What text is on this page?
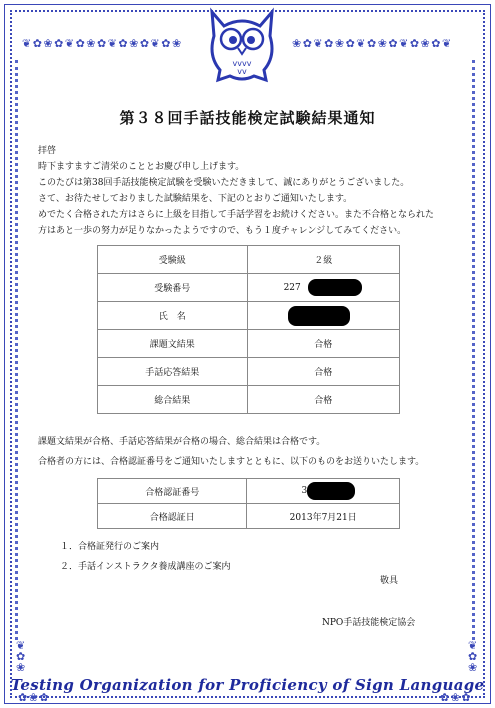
❦ ✿ ❀ ✿ ❦ ✿ ❀ ✿ ❦ ✿ ❀ ✿ ❦ ✿ ❀	❀ ✿ ❦ ✿ ❀ ✿ ❦ ✿ ❀ ✿ ❦ ✿ ❀ ✿ ❦
✿ ❀ ✿	✿ ❀ ✿
❦
✿
❀
❦
✿
❀
vvvv
vv
第３８回手話技能検定試験結果通知

拝啓

時下ますますご清栄のこととお慶び申し上げます。

このたびは第38回手話技能検定試験を受験いただきまして、誠にありがとうございました。

さて、お待たせしておりました試験結果を、下記のとおりご通知いたします。

めでたく合格された方はさらに上級を目指して手話学習をお続けください。また不合格となられた

方はあと一歩の努力が足りなかったようですので、もう１度チャレンジしてみてください。

受験級	２級
受験番号	227

氏　名	

課題文結果	合格
手話応答結果	合格
総合結果	合格
課題文結果が合格、手話応答結果が合格の場合、総合結果は合格です。
合格者の方には、合格認証番号をご通知いたしますとともに、以下のものをお送りいたします。
合格認証番号	3

合格認証日	2013年7月21日
１．合格証発行のご案内
２．手話インストラクタ養成講座のご案内
敬具
NPO手話技能検定協会
Testing Organization for Proficiency of Sign Language
